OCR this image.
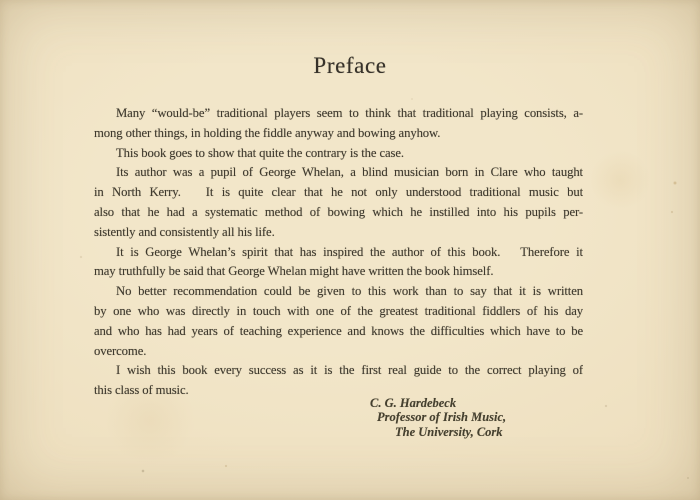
Preface
Many “would-be” traditional players seem to think that traditional playing consists, a-
mong other things, in holding the fiddle anyway and bowing anyhow.
This book goes to show that quite the contrary is the case.
Its author was a pupil of George Whelan, a blind musician born in Clare who taught
in North Kerry.   It is quite clear that he not only understood traditional music but
also that he had a systematic method of bowing which he instilled into his pupils per-
sistently and consistently all his life.
It is George Whelan’s spirit that has inspired the author of this book.   Therefore it
may truthfully be said that George Whelan might have written the book himself.
No better recommendation could be given to this work than to say that it is written
by one who was directly in touch with one of the greatest traditional fiddlers of his day
and who has had years of teaching experience and knows the difficulties which have to be
overcome.
I wish this book every success as it is the first real guide to the correct playing of
this class of music.
C. G. Hardebeck
Professor of Irish Music,
The University, Cork
